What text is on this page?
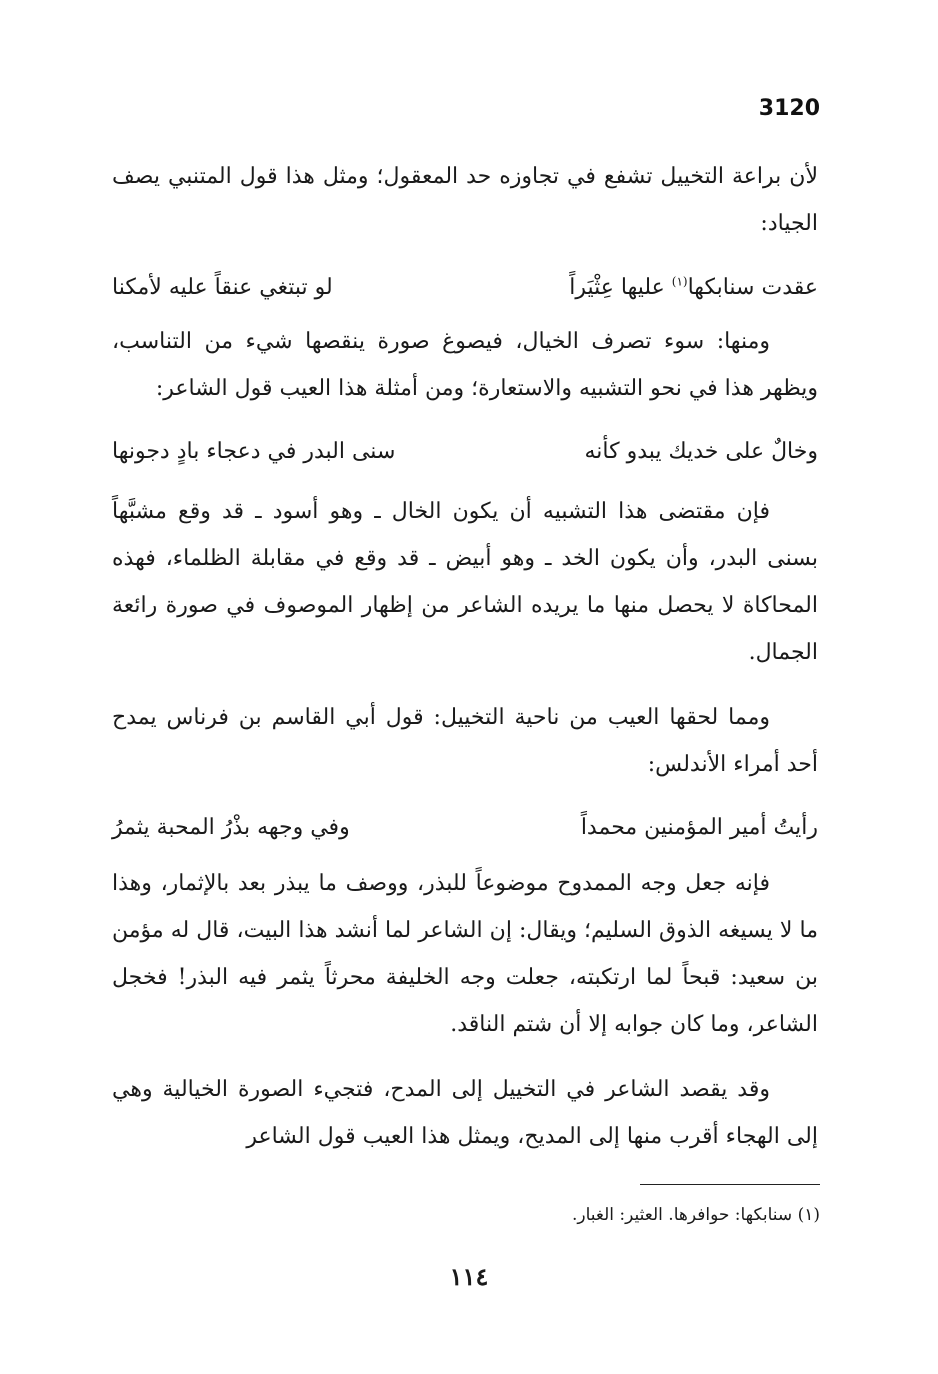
3120

لأن براعة التخييل تشفع في تجاوزه حد المعقول؛ ومثل هذا قول المتنبي يصف الجياد:

عقدت سنابكها$^{(١)}$ عليها عِثْيَراً
لو تبتغي عنقاً عليه لأمكنا

ومنها: سوء تصرف الخيال، فيصوغ صورة ينقصها شيء من التناسب، ويظهر هذا في نحو التشبيه والاستعارة؛ ومن أمثلة هذا العيب قول الشاعر:

وخالٌ على خديك يبدو كأنه
سنى البدر في دعجاء بادٍ دجونها

فإن مقتضى هذا التشبيه أن يكون الخال ـ وهو أسود ـ قد وقع مشبَّهاً بسنى البدر، وأن يكون الخد ـ وهو أبيض ـ قد وقع في مقابلة الظلماء، فهذه المحاكاة لا يحصل منها ما يريده الشاعر من إظهار الموصوف في صورة رائعة الجمال.

ومما لحقها العيب من ناحية التخييل: قول أبي القاسم بن فرناس يمدح أحد أمراء الأندلس:

رأيتُ أمير المؤمنين محمداً
وفي وجهه بذْرُ المحبة يثمرُ

فإنه جعل وجه الممدوح موضوعاً للبذر، ووصف ما يبذر بعد بالإثمار، وهذا ما لا يسيغه الذوق السليم؛ ويقال: إن الشاعر لما أنشد هذا البيت، قال له مؤمن بن سعيد: قبحاً لما ارتكبته، جعلت وجه الخليفة محرثاً يثمر فيه البذر! فخجل الشاعر، وما كان جوابه إلا أن شتم الناقد.

وقد يقصد الشاعر في التخييل إلى المدح، فتجيء الصورة الخيالية وهي إلى الهجاء أقرب منها إلى المديح، ويمثل هذا العيب قول الشاعر

(١) سنابكها: حوافرها. العثير: الغبار.
١١٤
